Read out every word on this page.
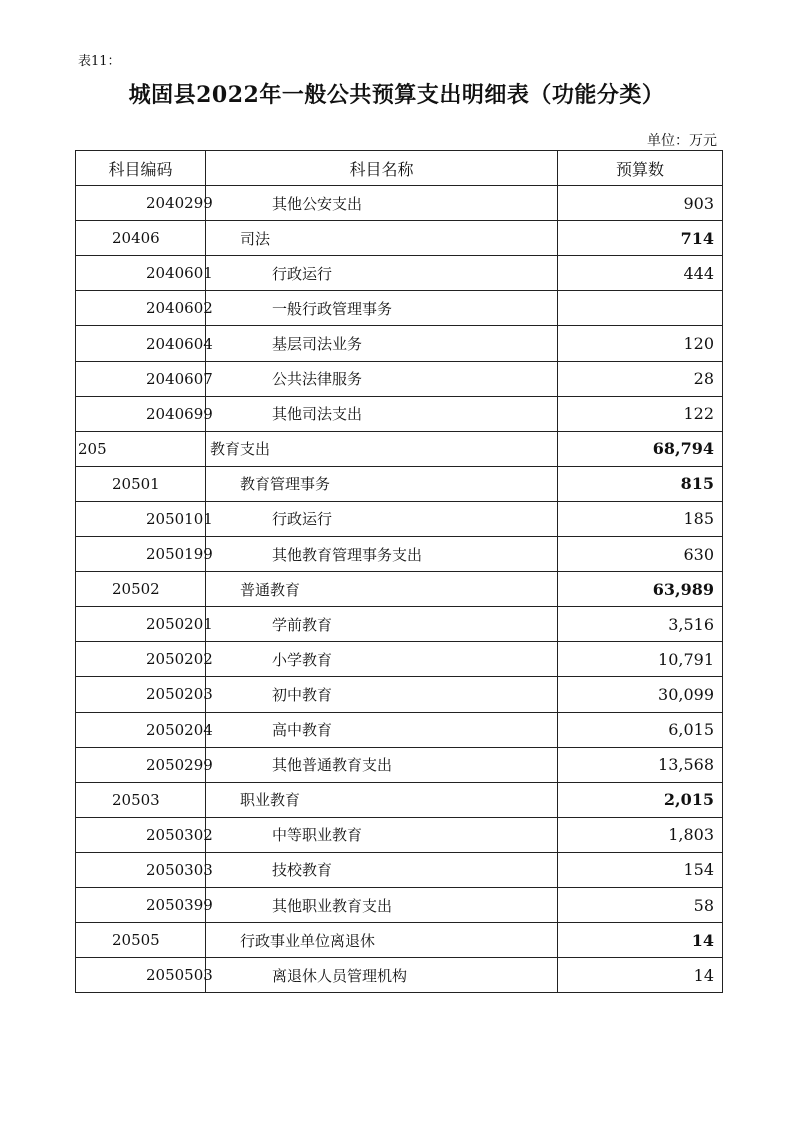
表11：
城固县2022年一般公共预算支出明细表（功能分类）
单位：万元
科目编码	科目名称	预算数
2040299	其他公安支出	903
20406	司法	714
2040601	行政运行	444
2040602	一般行政管理事务	
2040604	基层司法业务	120
2040607	公共法律服务	28
2040699	其他司法支出	122
205	教育支出	68,794
20501	教育管理事务	815
2050101	行政运行	185
2050199	其他教育管理事务支出	630
20502	普通教育	63,989
2050201	学前教育	3,516
2050202	小学教育	10,791
2050203	初中教育	30,099
2050204	高中教育	6,015
2050299	其他普通教育支出	13,568
20503	职业教育	2,015
2050302	中等职业教育	1,803
2050303	技校教育	154
2050399	其他职业教育支出	58
20505	行政事业单位离退休	14
2050503	离退休人员管理机构	14
